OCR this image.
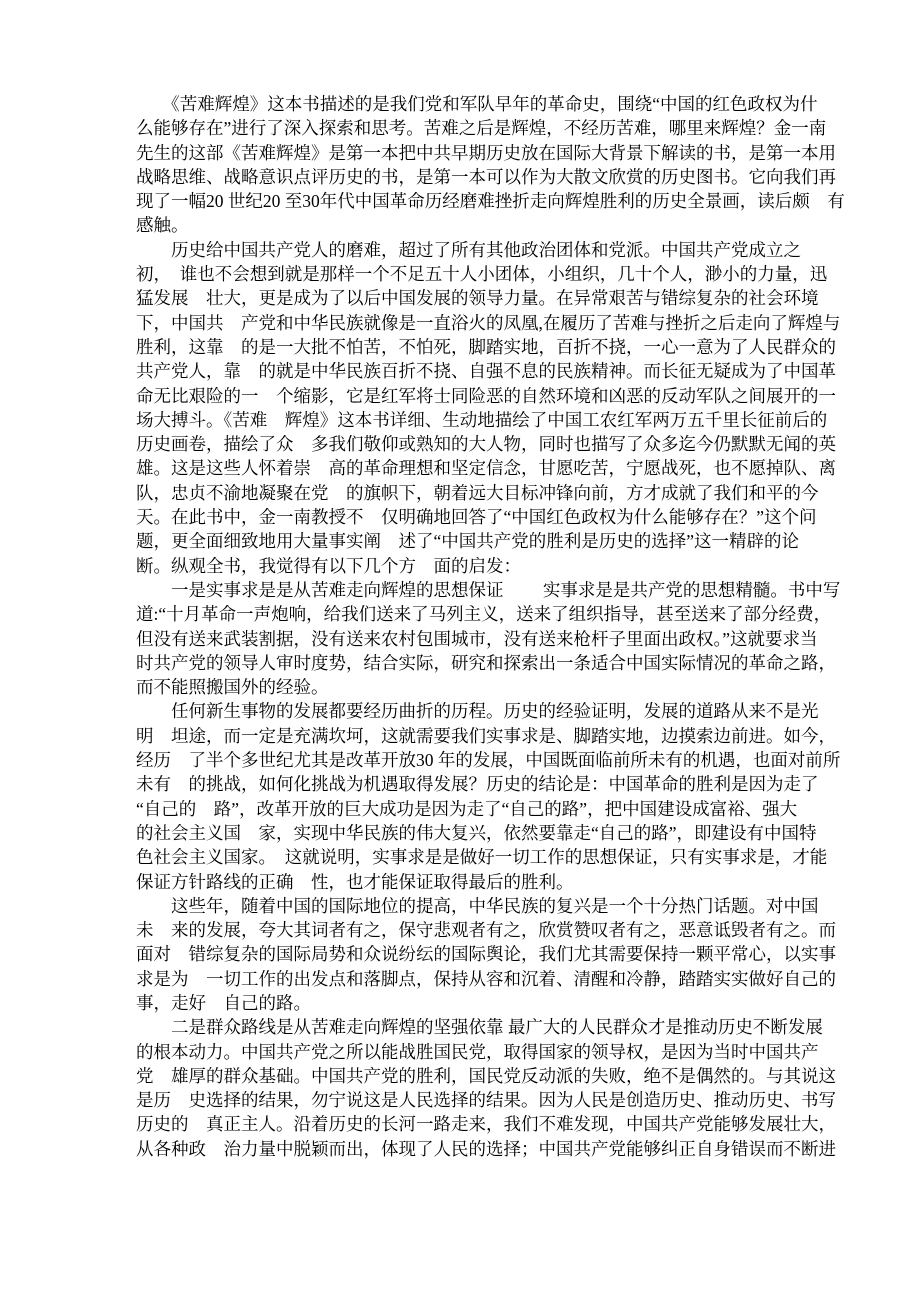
　　《苦难辉煌》这本书描述的是我们党和军队早年的革命史，围绕“中国的红色政权为什
么能够存在”进行了深入探索和思考。苦难之后是辉煌，不经历苦难，哪里来辉煌？金一南
先生的这部《苦难辉煌》是第一本把中共早期历史放在国际大背景下解读的书，是第一本用
战略思维、战略意识点评历史的书，是第一本可以作为大散文欣赏的历史图书。它向我们再
现了一幅20 世纪20 至30年代中国革命历经磨难挫折走向辉煌胜利的历史全景画，读后颇　有
感触。
　　历史给中国共产党人的磨难，超过了所有其他政治团体和党派。中国共产党成立之
初，　谁也不会想到就是那样一个不足五十人小团体，小组织，几十个人，渺小的力量，迅
猛发展　壮大，更是成为了以后中国发展的领导力量。在异常艰苦与错综复杂的社会环境
下，中国共　产党和中华民族就像是一直浴火的凤凰,在履历了苦难与挫折之后走向了辉煌与
胜利，这靠　的是一大批不怕苦，不怕死，脚踏实地，百折不挠，一心一意为了人民群众的
共产党人，靠　的就是中华民族百折不挠、自强不息的民族精神。而长征无疑成为了中国革
命无比艰险的一　个缩影，它是红军将士同险恶的自然环境和凶恶的反动军队之间展开的一
场大搏斗。《苦难　辉煌》这本书详细、生动地描绘了中国工农红军两万五千里长征前后的
历史画卷，描绘了众　多我们敬仰或熟知的大人物，同时也描写了众多迄今仍默默无闻的英
雄。这是这些人怀着崇　高的革命理想和坚定信念，甘愿吃苦，宁愿战死，也不愿掉队、离
队，忠贞不渝地凝聚在党　的旗帜下，朝着远大目标冲锋向前，方才成就了我们和平的今
天。在此书中，金一南教授不　仅明确地回答了“中国红色政权为什么能够存在？”这个问
题，更全面细致地用大量事实阐　述了“中国共产党的胜利是历史的选择”这一精辟的论
断。纵观全书，我觉得有以下几个方　面的启发：
　　一是实事求是是从苦难走向辉煌的思想保证　　 实事求是是共产党的思想精髓。书中写
道:“十月革命一声炮响，给我们送来了马列主义，送来了组织指导，甚至送来了部分经费，
但没有送来武装割据，没有送来农村包围城市，没有送来枪杆子里面出政权。”这就要求当
时共产党的领导人审时度势，结合实际，研究和探索出一条适合中国实际情况的革命之路，
而不能照搬国外的经验。
　　任何新生事物的发展都要经历曲折的历程。历史的经验证明，发展的道路从来不是光
明　坦途，而一定是充满坎坷，这就需要我们实事求是、脚踏实地，边摸索边前进。如今，
经历　了半个多世纪尤其是改革开放30 年的发展，中国既面临前所未有的机遇，也面对前所
未有　的挑战，如何化挑战为机遇取得发展？历史的结论是：中国革命的胜利是因为走了
“自己的　路”，改革开放的巨大成功是因为走了“自己的路”，把中国建设成富裕、强大
的社会主义国　家，实现中华民族的伟大复兴，依然要靠走“自己的路”，即建设有中国特
色社会主义国家。　这就说明，实事求是是做好一切工作的思想保证，只有实事求是，才能
保证方针路线的正确　性，也才能保证取得最后的胜利。
　　这些年，随着中国的国际地位的提高，中华民族的复兴是一个十分热门话题。对中国
未　来的发展，夸大其词者有之，保守悲观者有之，欣赏赞叹者有之，恶意诋毁者有之。而
面对　错综复杂的国际局势和众说纷纭的国际舆论，我们尤其需要保持一颗平常心，以实事
求是为　一切工作的出发点和落脚点，保持从容和沉着、清醒和冷静，踏踏实实做好自己的
事，走好　自己的路。
　　二是群众路线是从苦难走向辉煌的坚强依靠 最广大的人民群众才是推动历史不断发展
的根本动力。中国共产党之所以能战胜国民党，取得国家的领导权，是因为当时中国共产
党　雄厚的群众基础。中国共产党的胜利，国民党反动派的失败，绝不是偶然的。与其说这
是历　史选择的结果，勿宁说这是人民选择的结果。因为人民是创造历史、推动历史、书写
历史的　真正主人。沿着历史的长河一路走来，我们不难发现，中国共产党能够发展壮大，
从各种政　治力量中脱颖而出，体现了人民的选择；中国共产党能够纠正自身错误而不断进
